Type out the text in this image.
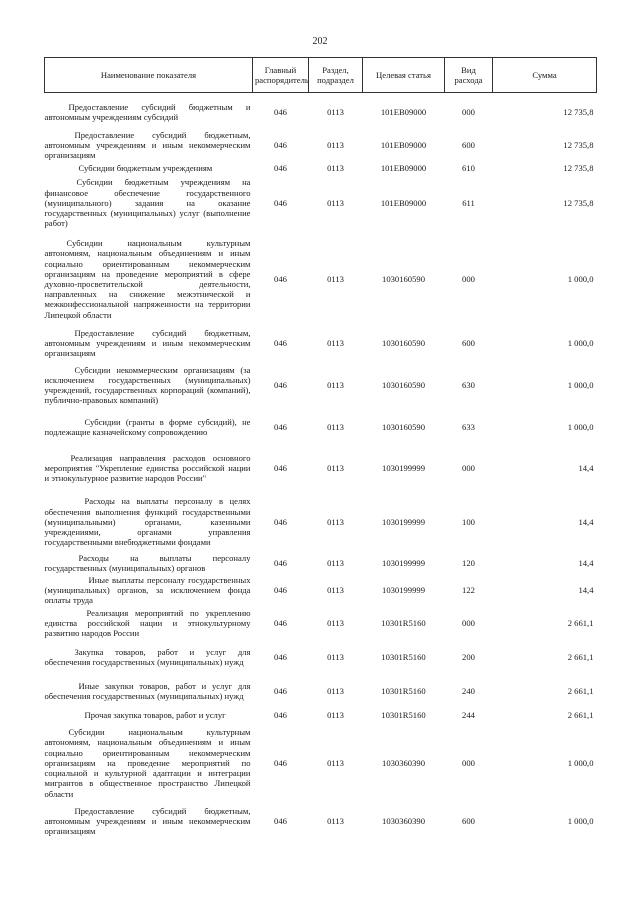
202
Наименование показателя	Главный распорядитель	Раздел, подраздел	Целевая статья	Вид расхода	Сумма

Предоставление субсидий бюджетным и автономным учреждениям субсидий	046	0113	101EB09000	000	12 735,8
Предоставление субсидий бюджетным, автономным учреждениям и иным некоммерческим организациям	046	0113	101EB09000	600	12 735,8
Субсидии бюджетным учреждениям	046	0113	101EB09000	610	12 735,8
Субсидии бюджетным учреждениям на финансовое обеспечение государственного (муниципального) задания на оказание государственных (муниципальных) услуг (выполнение работ)	046	0113	101EB09000	611	12 735,8
Субсидии национальным культурным автономиям, национальным объединениям и иным социально ориентированным некоммерческим организациям на проведение мероприятий в сфере духовно-просветительской деятельности, направленных на снижение межэтнической и межконфессиональной напряженности на территории Липецкой области	046	0113	1030160590	000	1 000,0
Предоставление субсидий бюджетным, автономным учреждениям и иным некоммерческим организациям	046	0113	1030160590	600	1 000,0
Субсидии некоммерческим организациям (за исключением государственных (муниципальных) учреждений, государственных корпораций (компаний), публично-правовых компаний)	046	0113	1030160590	630	1 000,0
Субсидии (гранты в форме субсидий), не подлежащие казначейскому сопровождению	046	0113	1030160590	633	1 000,0
Реализация направления расходов основного мероприятия "Укрепление единства российской нации и этнокультурное развитие народов России"	046	0113	1030199999	000	14,4
Расходы на выплаты персоналу в целях обеспечения выполнения функций государственными (муниципальными) органами, казенными учреждениями, органами управления государственными внебюджетными фондами	046	0113	1030199999	100	14,4
Расходы на выплаты персоналу государственных (муниципальных) органов	046	0113	1030199999	120	14,4
Иные выплаты персоналу государственных (муниципальных) органов, за исключением фонда оплаты труда	046	0113	1030199999	122	14,4
Реализация мероприятий по укреплению единства российской нации и этнокультурному развитию народов России	046	0113	10301R5160	000	2 661,1
Закупка товаров, работ и услуг для обеспечения государственных (муниципальных) нужд	046	0113	10301R5160	200	2 661,1
Иные закупки товаров, работ и услуг для обеспечения государственных (муниципальных) нужд	046	0113	10301R5160	240	2 661,1
Прочая закупка товаров, работ и услуг	046	0113	10301R5160	244	2 661,1
Субсидии национальным культурным автономиям, национальным объединениям и иным социально ориентированным некоммерческим организациям на проведение мероприятий по социальной и культурной адаптации и интеграции мигрантов в общественное пространство Липецкой области	046	0113	1030360390	000	1 000,0
Предоставление субсидий бюджетным, автономным учреждениям и иным некоммерческим организациям	046	0113	1030360390	600	1 000,0
